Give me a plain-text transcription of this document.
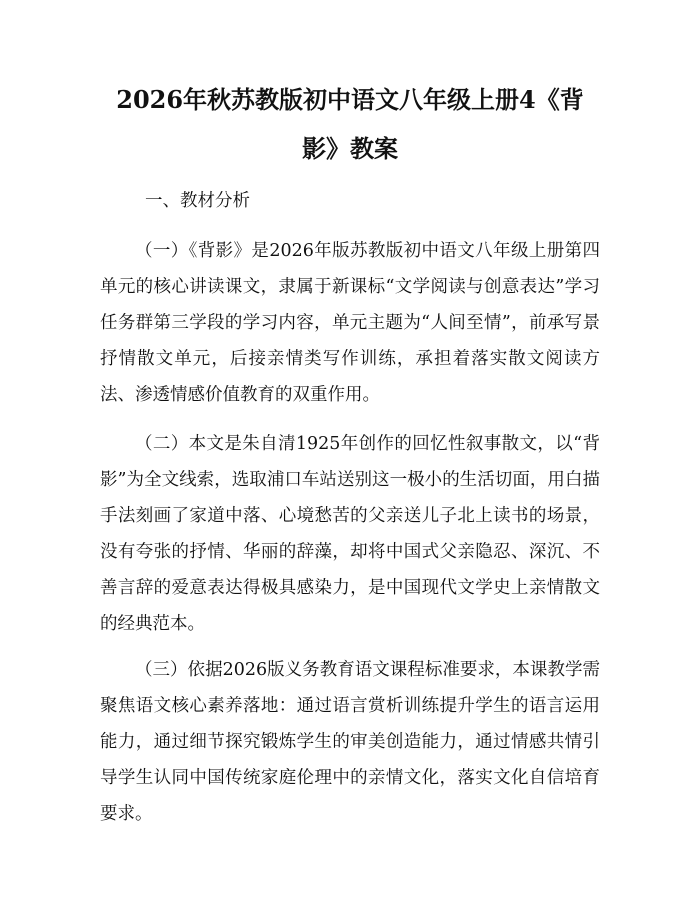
2026年秋苏教版初中语文八年级上册4《背
影》教案

一、教材分析

（一）《背影》是2026年版苏教版初中语文八年级上册第四单元的核心讲读课文，隶属于新课标“文学阅读与创意表达”学习任务群第三学段的学习内容，单元主题为“人间至情”，前承写景抒情散文单元，后接亲情类写作训练，承担着落实散文阅读方法、渗透情感价值教育的双重作用。

（二）本文是朱自清1925年创作的回忆性叙事散文，以“背影”为全文线索，选取浦口车站送别这一极小的生活切面，用白描手法刻画了家道中落、心境愁苦的父亲送儿子北上读书的场景，没有夸张的抒情、华丽的辞藻，却将中国式父亲隐忍、深沉、不善言辞的爱意表达得极具感染力，是中国现代文学史上亲情散文的经典范本。

（三）依据2026版义务教育语文课程标准要求，本课教学需聚焦语文核心素养落地：通过语言赏析训练提升学生的语言运用能力，通过细节探究锻炼学生的审美创造能力，通过情感共情引导学生认同中国传统家庭伦理中的亲情文化，落实文化自信培育要求。
